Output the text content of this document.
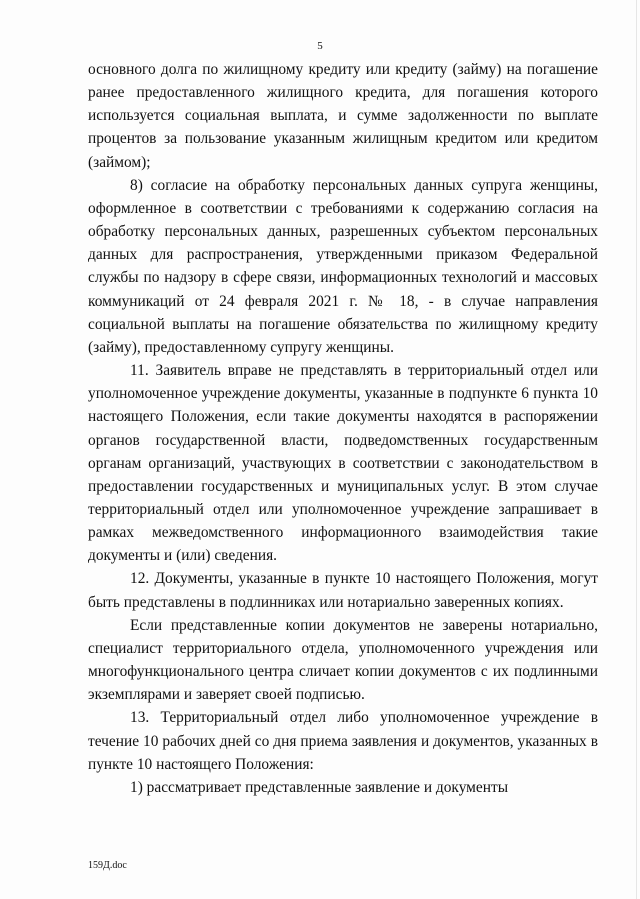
5

основного долга по жилищному кредиту или кредиту (займу) на погашение ранее предоставленного жилищного кредита, для погашения которого используется социальная выплата, и сумме задолженности по выплате процентов за пользование указанным жилищным кредитом или кредитом (займом);

8) согласие на обработку персональных данных супруга женщины, оформленное в соответствии с требованиями к содержанию согласия на обработку персональных данных, разрешенных субъектом персональных данных для распространения, утвержденными приказом Федеральной службы по надзору в сфере связи, информационных технологий и массовых коммуникаций от 24 февраля 2021 г. № 18, - в случае направления социальной выплаты на погашение обязательства по жилищному кредиту (займу), предоставленному супругу женщины.

11. Заявитель вправе не представлять в территориальный отдел или уполномоченное учреждение документы, указанные в подпункте 6 пункта 10 настоящего Положения, если такие документы находятся в распоряжении органов государственной власти, подведомственных государственным органам организаций, участвующих в соответствии с законодательством в предоставлении государственных и муниципальных услуг. В этом случае территориальный отдел или уполномоченное учреждение запрашивает в рамках межведомственного информационного взаимодействия такие документы и (или) сведения.

12. Документы, указанные в пункте 10 настоящего Положения, могут быть представлены в подлинниках или нотариально заверенных копиях.

Если представленные копии документов не заверены нотариально, специалист территориального отдела, уполномоченного учреждения или многофункционального центра сличает копии документов с их подлинными экземплярами и заверяет своей подписью.

13. Территориальный отдел либо уполномоченное учреждение в течение 10 рабочих дней со дня приема заявления и документов, указанных в пункте 10 настоящего Положения:

1) рассматривает представленные заявление и документы

159Д.doc
